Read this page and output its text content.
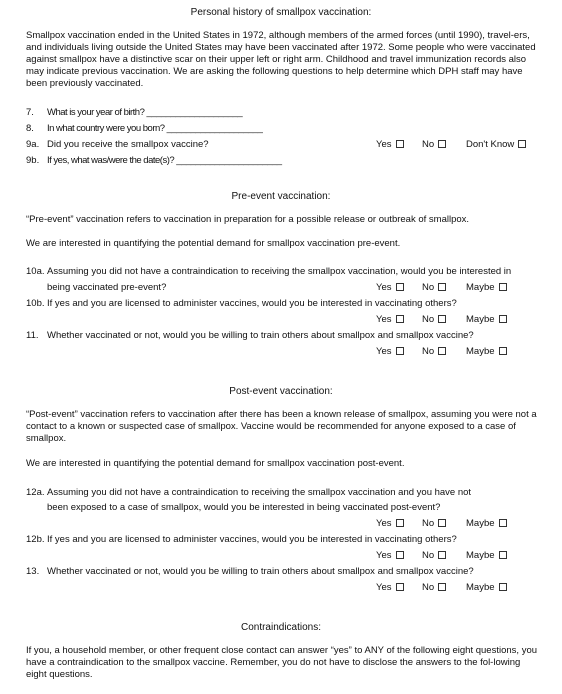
Personal history of smallpox vaccination:
Smallpox vaccination ended in the United States in 1972, although members of the armed forces (until 1990), travel-ers, and individuals living outside the United States may have been vaccinated after 1972. Some people who were vaccinated against smallpox have a distinctive scar on their upper left or right arm. Childhood and travel immunization records also may indicate previous vaccination. We are asking the following questions to help determine which DPH staff may have been previously vaccinated.
7. What is your year of birth? ____________________
8. In what country were you born? ____________________
9a. Did you receive the smallpox vaccine?	Yes	No	Don't Know
9b. If yes, what was/were the date(s)? ______________________
Pre-event vaccination:
“Pre-event” vaccination refers to vaccination in preparation for a possible release or outbreak of smallpox.
We are interested in quantifying the potential demand for smallpox vaccination pre-event.
10a. Assuming you did not have a contraindication to receiving the smallpox vaccination, would you be interested in
being vaccinated pre-event?	Yes	No	Maybe
10b. If yes and you are licensed to administer vaccines, would you be interested in vaccinating others?
Yes	No	Maybe
11. Whether vaccinated or not, would you be willing to train others about smallpox and smallpox vaccine?
Yes	No	Maybe
Post-event vaccination:
“Post-event” vaccination refers to vaccination after there has been a known release of smallpox, assuming you were not a contact to a known or suspected case of smallpox. Vaccine would be recommended for anyone exposed to a case of smallpox.
We are interested in quantifying the potential demand for smallpox vaccination post-event.
12a. Assuming you did not have a contraindication to receiving the smallpox vaccination and you have not
been exposed to a case of smallpox, would you be interested in being vaccinated post-event?
Yes	No	Maybe
12b. If yes and you are licensed to administer vaccines, would you be interested in vaccinating others?
Yes	No	Maybe
13. Whether vaccinated or not, would you be willing to train others about smallpox and smallpox vaccine?
Yes	No	Maybe
Contraindications:
If you, a household member, or other frequent close contact can answer “yes” to ANY of the following eight questions, you have a contraindication to the smallpox vaccine. Remember, you do not have to disclose the answers to the fol-lowing eight questions.
